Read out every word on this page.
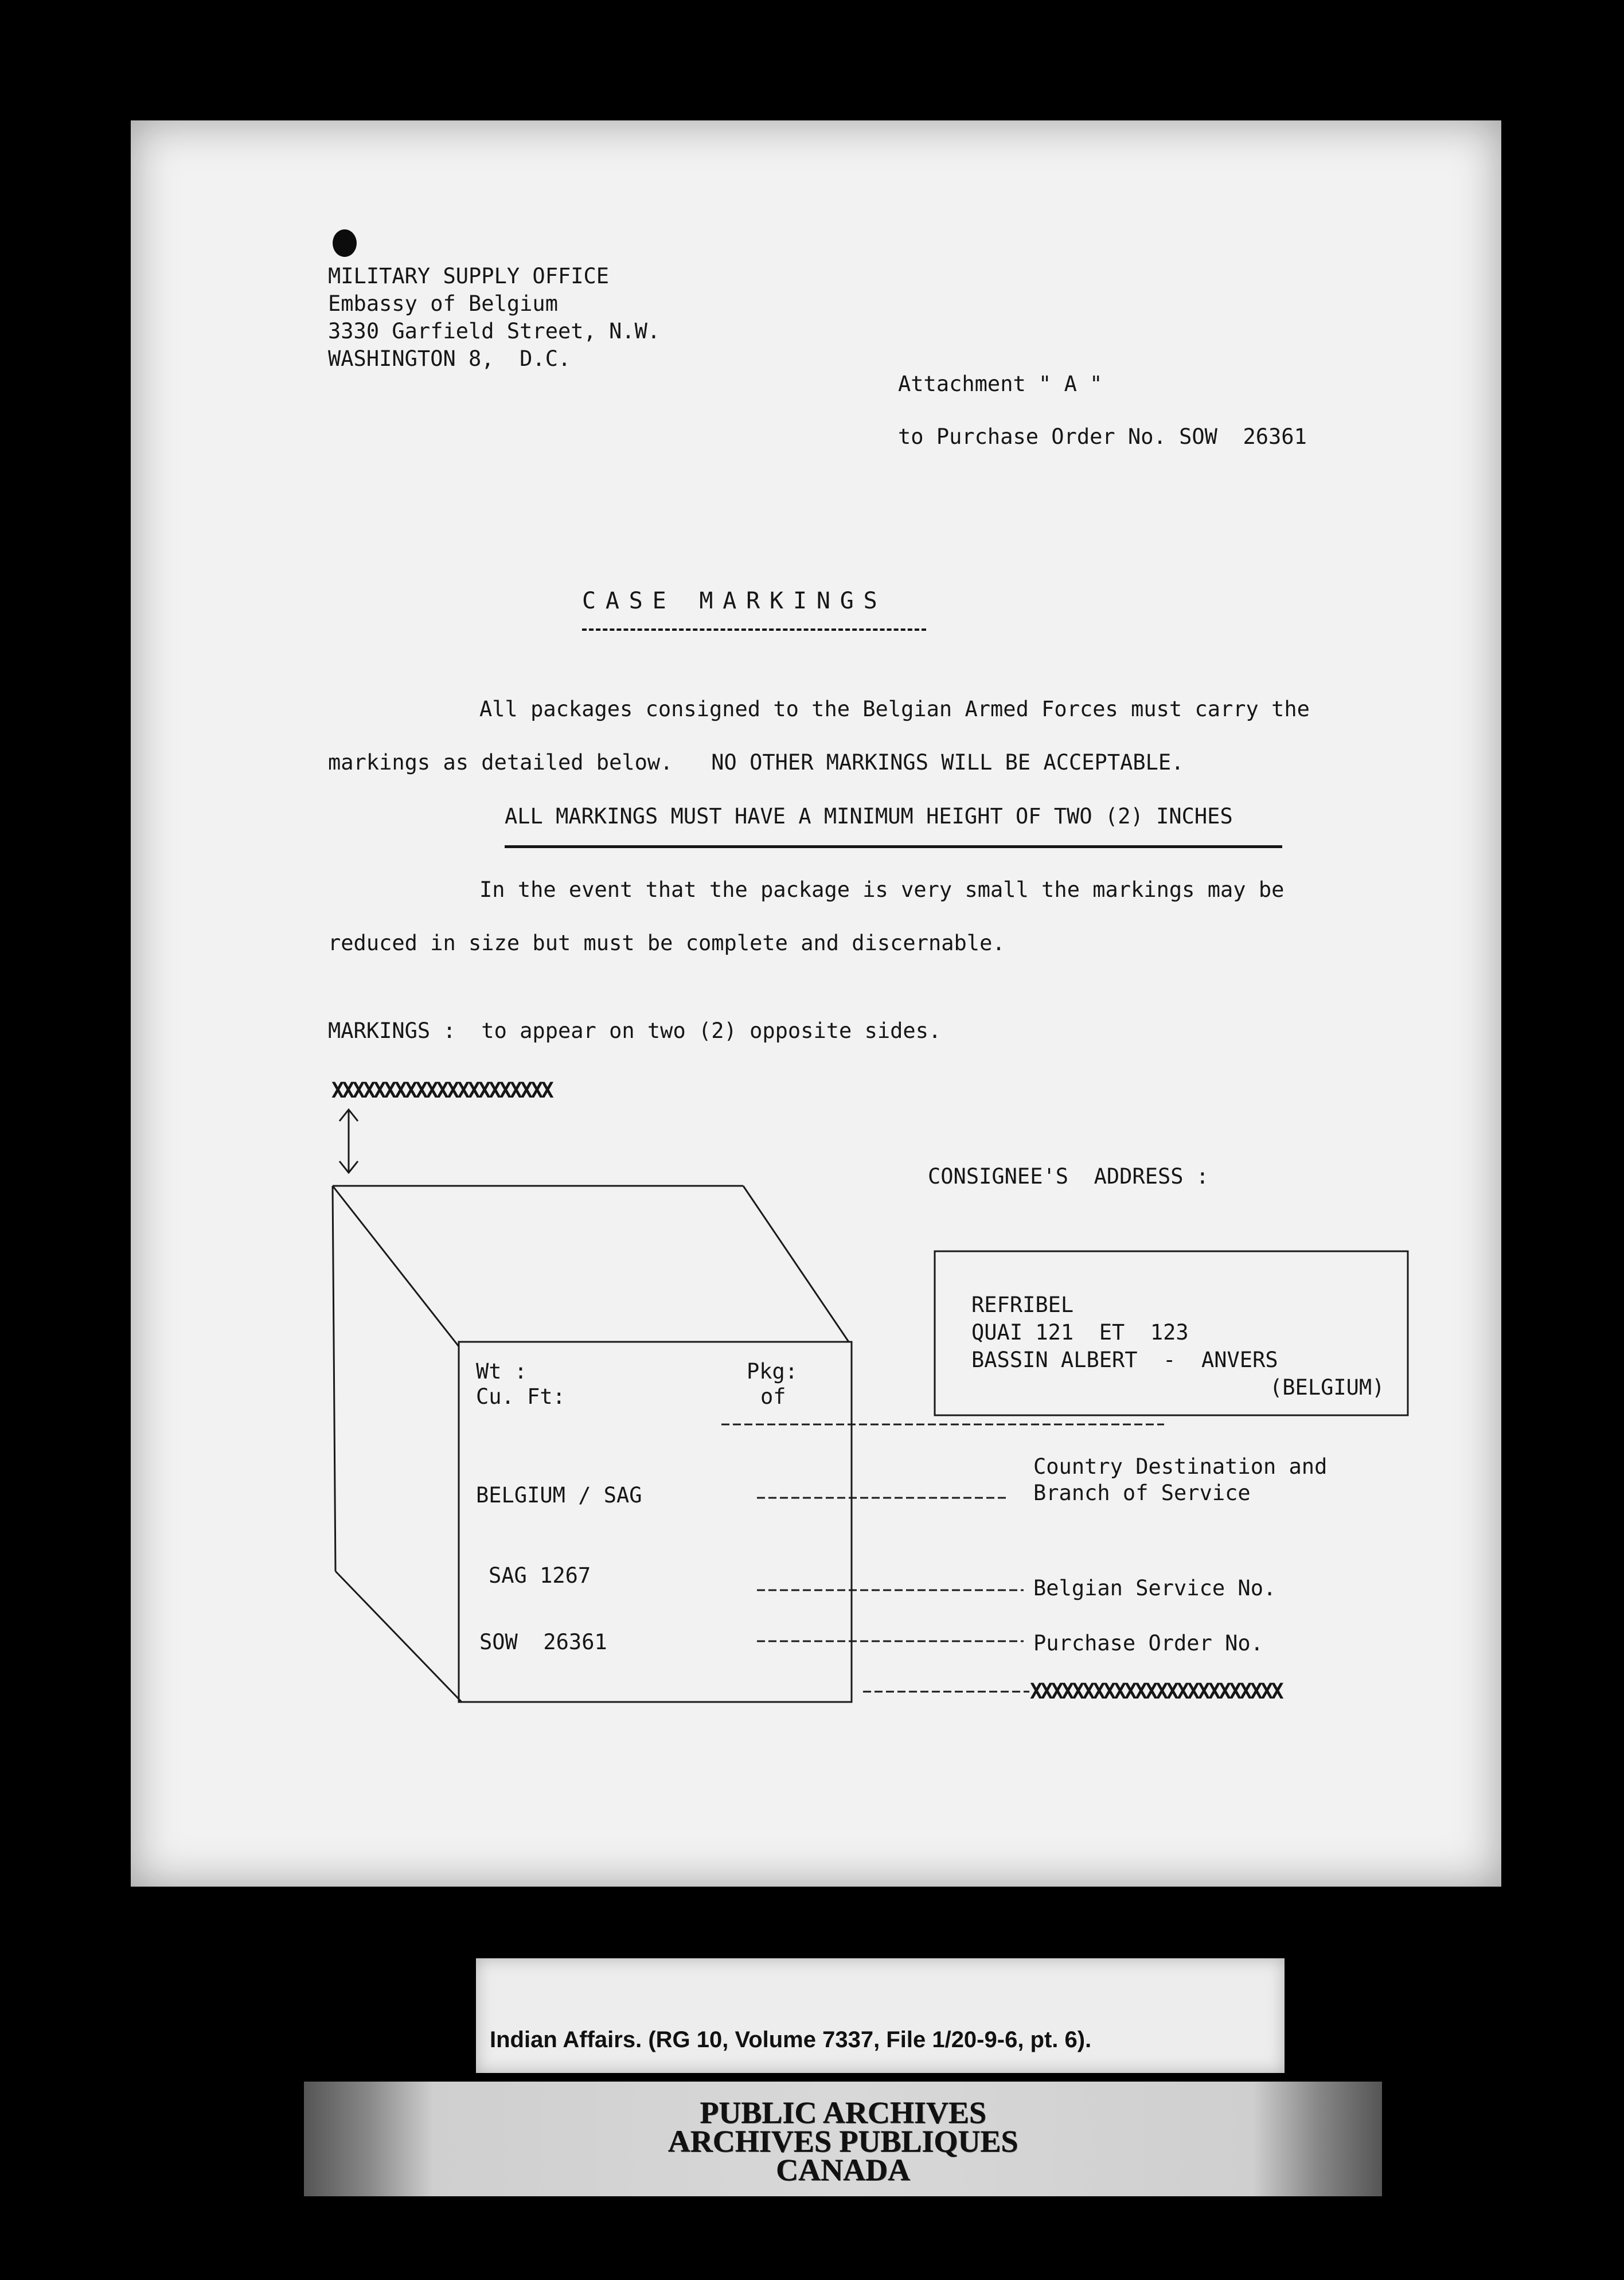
MILITARY SUPPLY OFFICE
Embassy of Belgium
3330 Garfield Street, N.W.
WASHINGTON 8,  D.C.
Attachment " A "
to Purchase Order No. SOW 26361
CASE MARKINGS
All packages consigned to the Belgian Armed Forces must carry the
markings as detailed below.   NO OTHER MARKINGS WILL BE ACCEPTABLE.
ALL MARKINGS MUST HAVE A MINIMUM HEIGHT OF TWO (2) INCHES
In the event that the package is very small the markings may be
reduced in size but must be complete and discernable.
MARKINGS :  to appear on two (2) opposite sides.
XXXXXXXXXXXXXXXXXXXXX
CONSIGNEE'S  ADDRESS :
REFRIBEL
QUAI 121  ET  123
BASSIN ALBERT  -  ANVERS
(BELGIUM)
Wt :
Cu. Ft:
Pkg:
of
BELGIUM / SAG
SAG 1267
SOW  26361
Country Destination and
Branch of Service
Belgian Service No.
Purchase Order No.
XXXXXXXXXXXXXXXXXXXXXXXX
Indian Affairs. (RG 10, Volume 7337, File 1/20-9-6, pt. 6).
PUBLIC ARCHIVES
ARCHIVES PUBLIQUES
CANADA
